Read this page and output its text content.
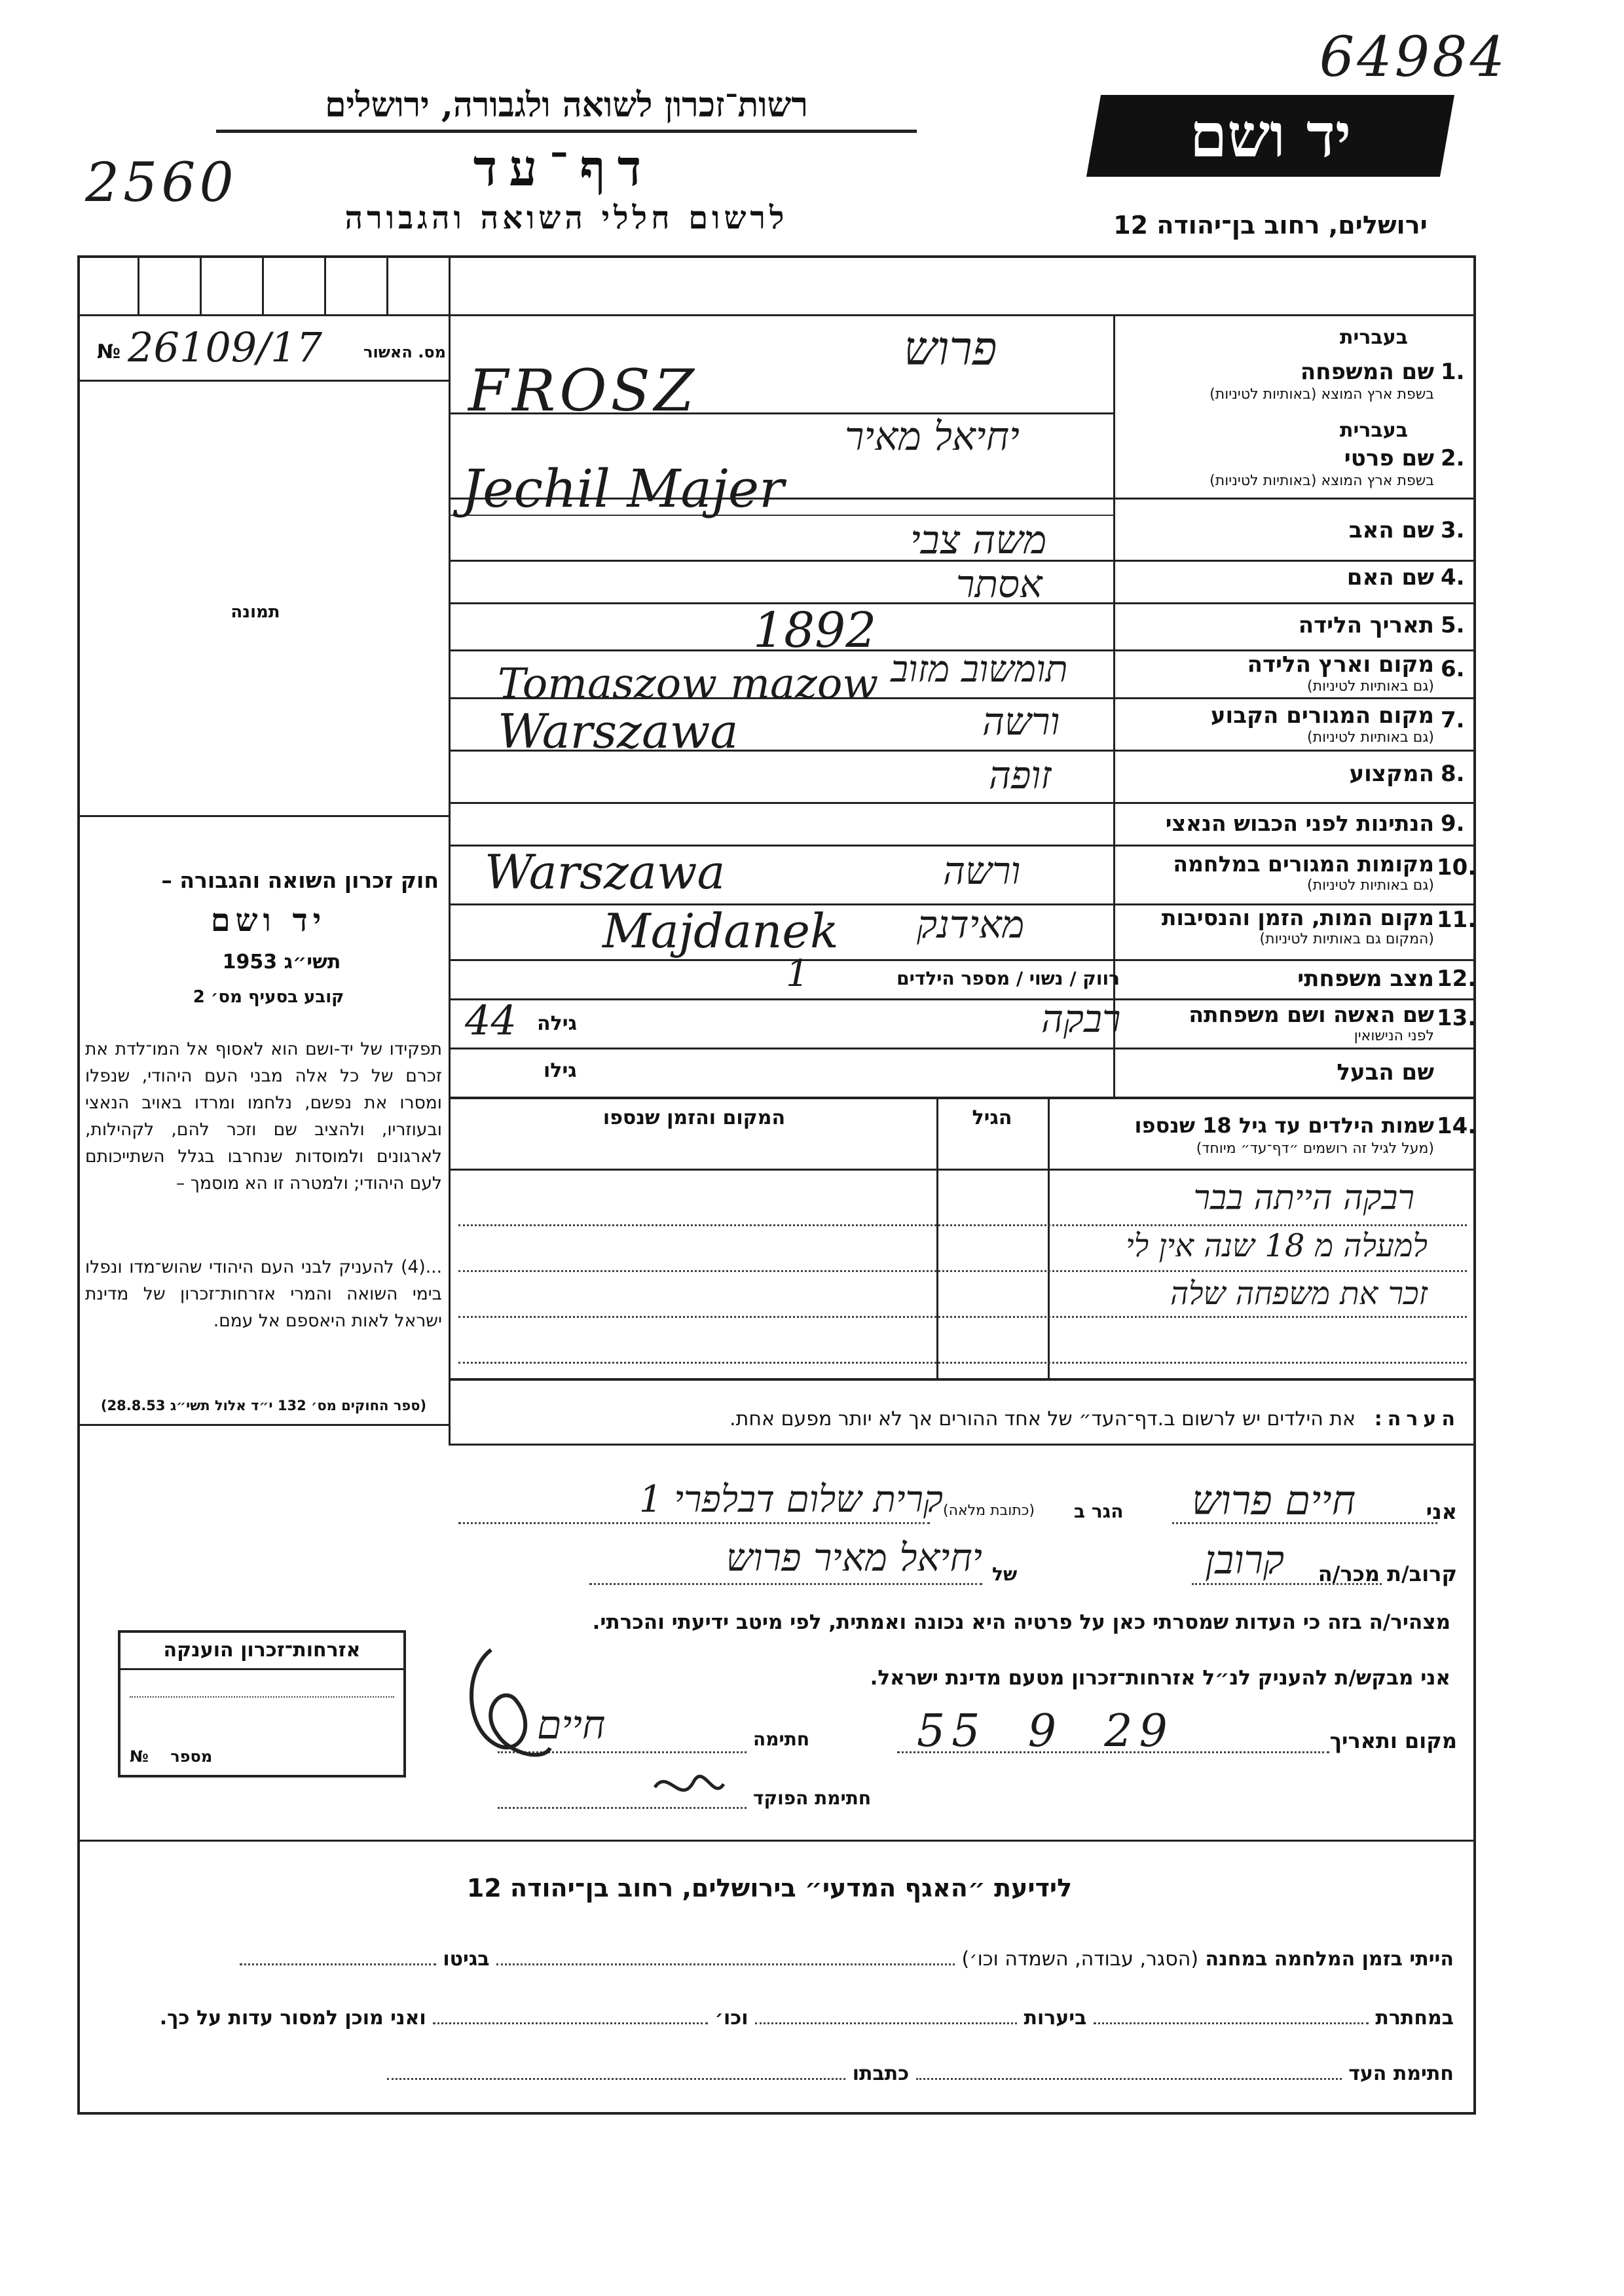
64984
2560
רשות־זכרון לשואה ולגבורה, ירושלים
דף־עד
לרשום חללי השואה והגבורה
יד ושם
ירושלים, רחוב בן־יהודה 12
№ 26109/17	מס. האשור
תמונה
חוק זכרון השואה והגבורה –
יד ושם
1953 תשי״ג
קובע בסעיף מס׳ 2
תפקידו של יד-ושם הוא לאסוף אל המו־לדת את זכרם של כל אלה מבני העם היהודי, שנפלו ומסרו את נפשם, נלחמו ומרדו באויב הנאצי ובעוזריו, ולהציב שם וזכר להם, לקהילות, לארגונים ולמוסדות שנחרבו בגלל השתייכותם לעם היהודי; ולמטרה זו הא מוסמך –
...(4) להעניק לבני העם היהודי שהוש־מדו ונפלו בימי השואה והמרי אזרחות־זכרון של מדינת ישראל לאות היאספם אל עמם.
(ספר החוקים מס׳ 132 י״ד אלול תשי״ג 28.8.53)
בעברית
1.
שם המשפחה
בשפת ארץ המוצא (באותיות לטיניות)
פרוש
FROSZ
בעברית
2.
שם פרטי
בשפת ארץ המוצא (באותיות לטיניות)
יחיאל מאיר
Jechil Majer
3.
שם האב
משה צבי
4.
שם האם
אסתר
5.
תאריך הלידה
1892
6.
מקום וארץ הלידה
(גם באותיות לטיניות)
תומשוב מזוב
Tomaszow mazow
7.
מקום המגורים הקבוע
(גם באותיות לטיניות)
ורשה
Warszawa
8.
המקצוע
זופה
9.
הנתינות לפני הכבוש הנאצי
10.
מקומות המגורים במלחמה
(גם באותיות לטיניות)
ורשה
Warszawa
11.
מקום המות, הזמן והנסיבות
(המקום גם באותיות לטיניות)
מאידנק
Majdanek
12.
מצב משפחתי
רווק / נשוי / מספר הילדים
1
13.
שם האשה ושם משפחתה
לפני הנישואין
רבקה
גילה
44
שם הבעל
גילו
14.
שמות הילדים עד גיל 18 שנספו
(מעל לגיל זה רושמים ״דף־עד״ מיוחד)
הגיל
המקום והזמן שנספו
רבקה הייתה בבר
למעלה מ 18 שנה אין לי
זכר את משפחה שלה
הערה:   את הילדים יש לרשום ב.דף־העד״ של אחד ההורים אך לא יותר מפעם אחת.
אני
חיים פרוש
הגר ב
(כתובת מלאה)
קרית שלום דבלפרי 1
קרוב/ת מכר/ה
קרובן
של
יחיאל מאיר פרוש
מצהיר/ה בזה כי העדות שמסרתי כאן על פרטיה היא נכונה ואמתית, לפי מיטב ידיעתי והכרתי.
אני מבקש/ת להעניק לנ״ל אזרחות־זכרון מטעם מדינת ישראל.
מקום ותאריך
55  9  29
חתימה
חיים
חתימת הפוקד
אזרחות־זכרון הוענקה
№ מספר
לידיעת ״האגף המדעי״ בירושלים, רחוב בן־יהודה 12
הייתי בזמן המלחמה במחנה (הסגר, עבודה, השמדה וכו׳)  בגיטו
במחתרת  ביערות  וכו׳  ואני מוכן למסור עדות על כך.
חתימת העד  כתבתו
